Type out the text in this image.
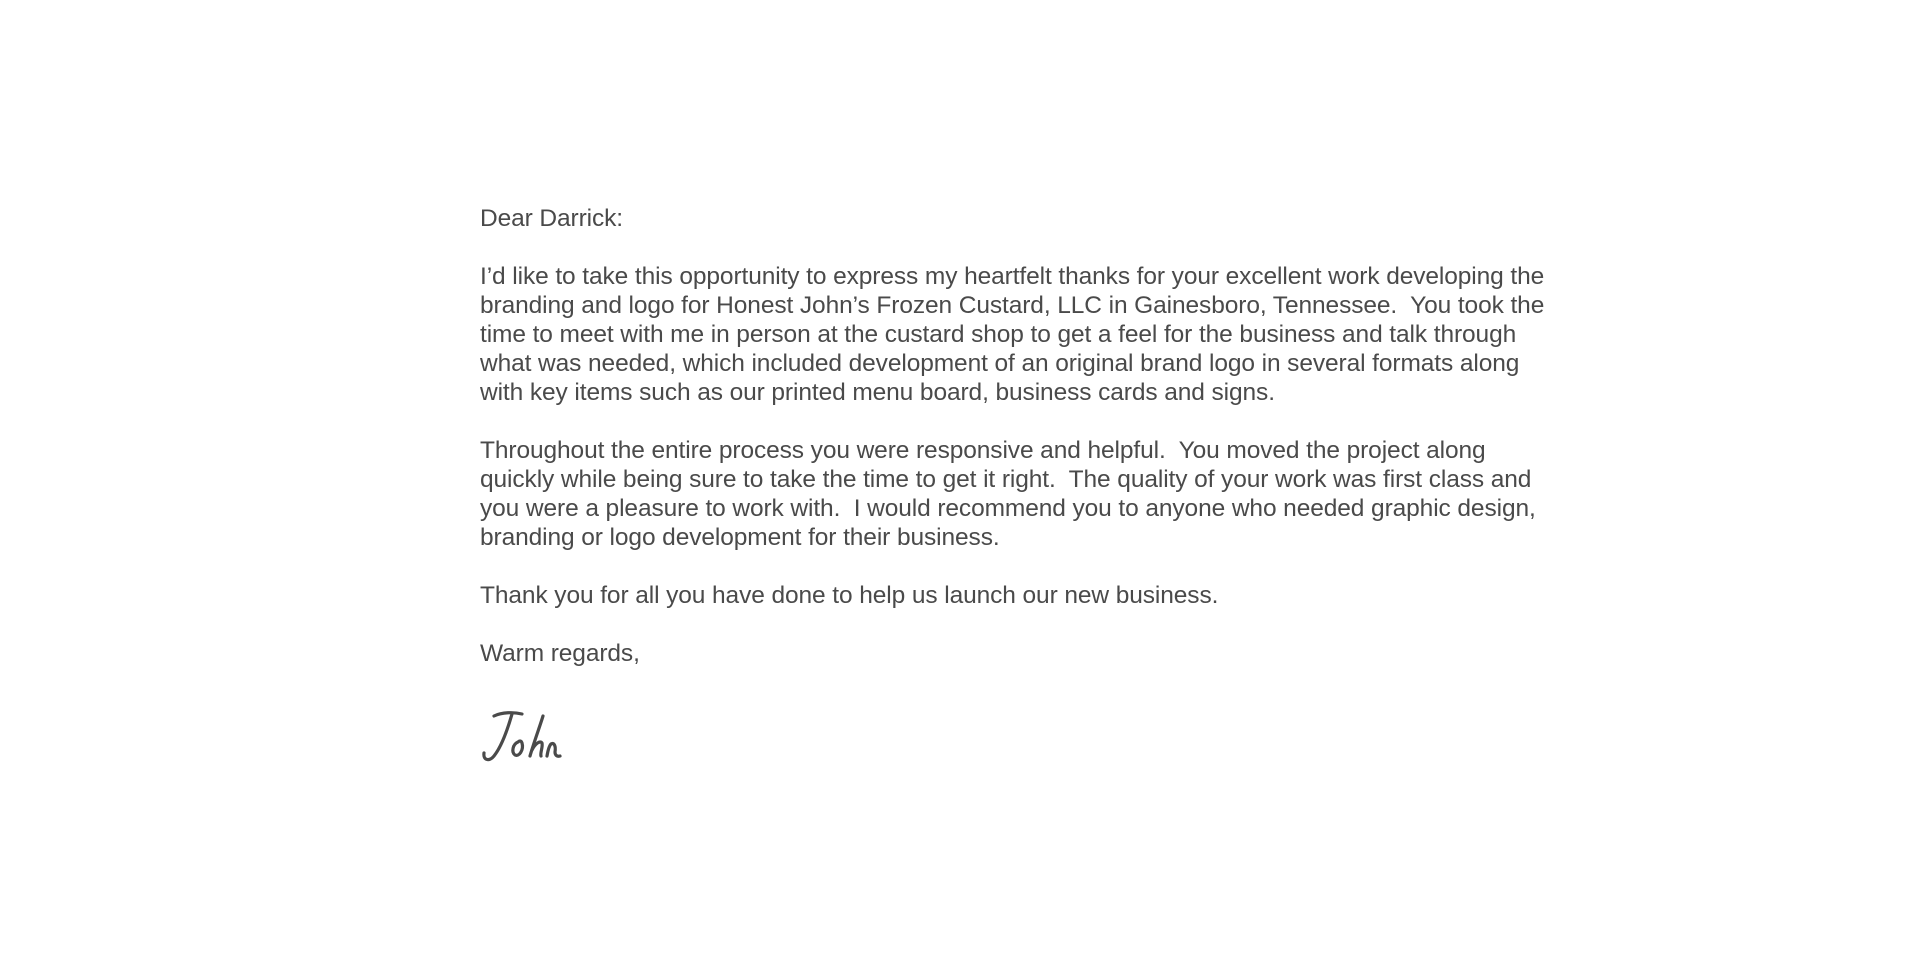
Dear Darrick:

I’d like to take this opportunity to express my heartfelt thanks for your excellent work developing the
branding and logo for Honest John’s Frozen Custard, LLC in Gainesboro, Tennessee.  You took the
time to meet with me in person at the custard shop to get a feel for the business and talk through
what was needed, which included development of an original brand logo in several formats along
with key items such as our printed menu board, business cards and signs.

Throughout the entire process you were responsive and helpful.  You moved the project along
quickly while being sure to take the time to get it right.  The quality of your work was first class and
you were a pleasure to work with.  I would recommend you to anyone who needed graphic design,
branding or logo development for their business.

Thank you for all you have done to help us launch our new business.

Warm regards,
